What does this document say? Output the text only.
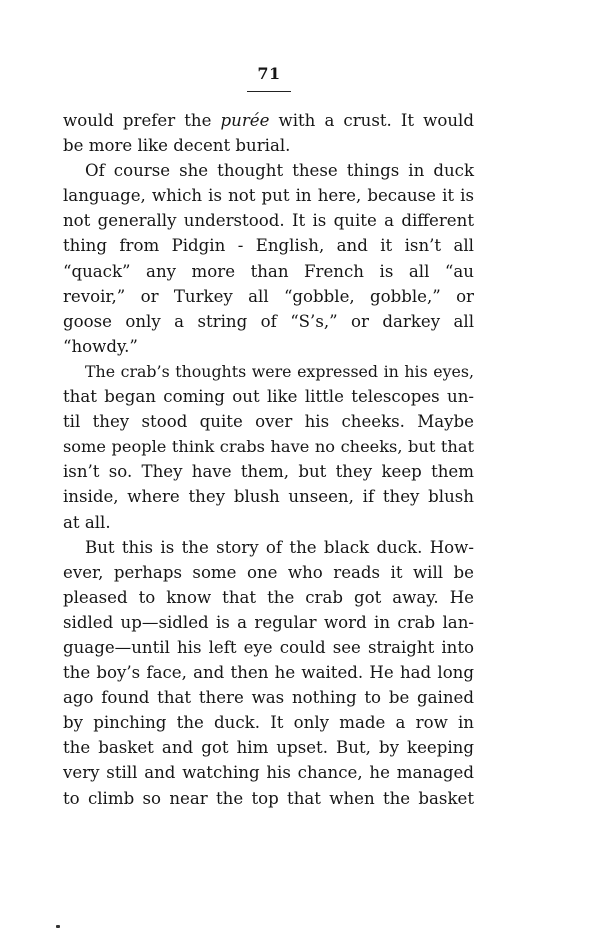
71
would prefer the purée with a crust. It would
be more like decent burial.
Of course she thought these things in duck
language, which is not put in here, because it is
not generally understood. It is quite a different
thing from Pidgin - English, and it isn’t all
“quack” any more than French is all “au
revoir,” or Turkey all “gobble, gobble,” or
goose only a string of “S’s,” or darkey all
“howdy.”
The crab’s thoughts were expressed in his eyes,
that began coming out like little telescopes un-
til they stood quite over his cheeks. Maybe
some people think crabs have no cheeks, but that
isn’t so. They have them, but they keep them
inside, where they blush unseen, if they blush
at all.
But this is the story of the black duck. How-
ever, perhaps some one who reads it will be
pleased to know that the crab got away. He
sidled up—sidled is a regular word in crab lan-
guage—until his left eye could see straight into
the boy’s face, and then he waited. He had long
ago found that there was nothing to be gained
by pinching the duck. It only made a row in
the basket and got him upset. But, by keeping
very still and watching his chance, he managed
to climb so near the top that when the basket
